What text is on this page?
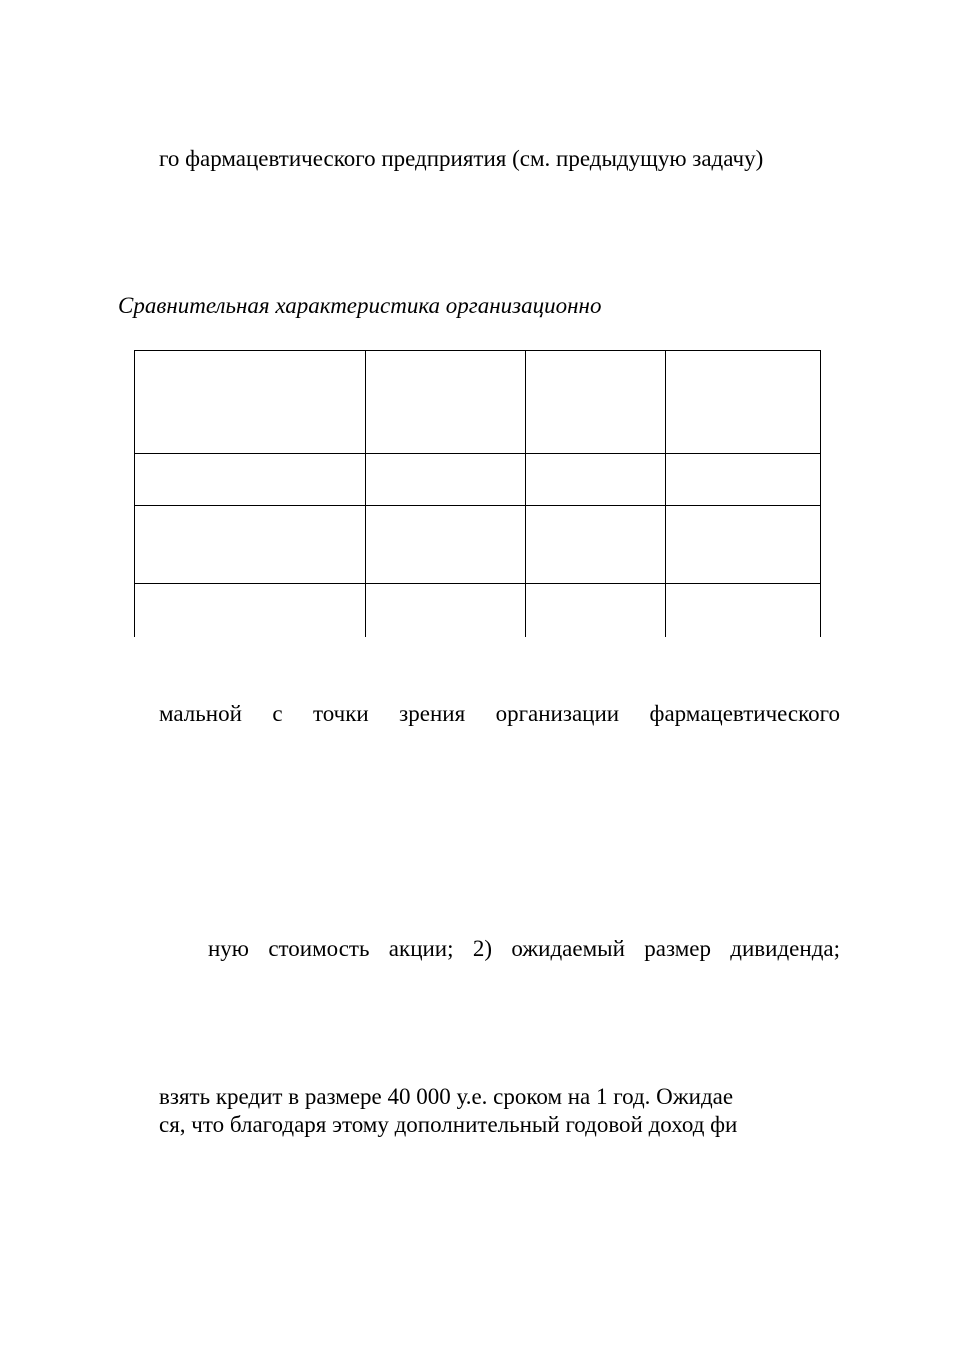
го фармацевтического предприятия (см. предыдущую задачу)
Сравнительная характеристика организационно
мальной с точки зрения организации фармацевтического
ную стоимость акции; 2) ожидаемый размер дивиденда;
взять кредит в размере 40 000 у.е. сроком на 1 год. Ожидае
ся, что благодаря этому дополнительный годовой доход фи
